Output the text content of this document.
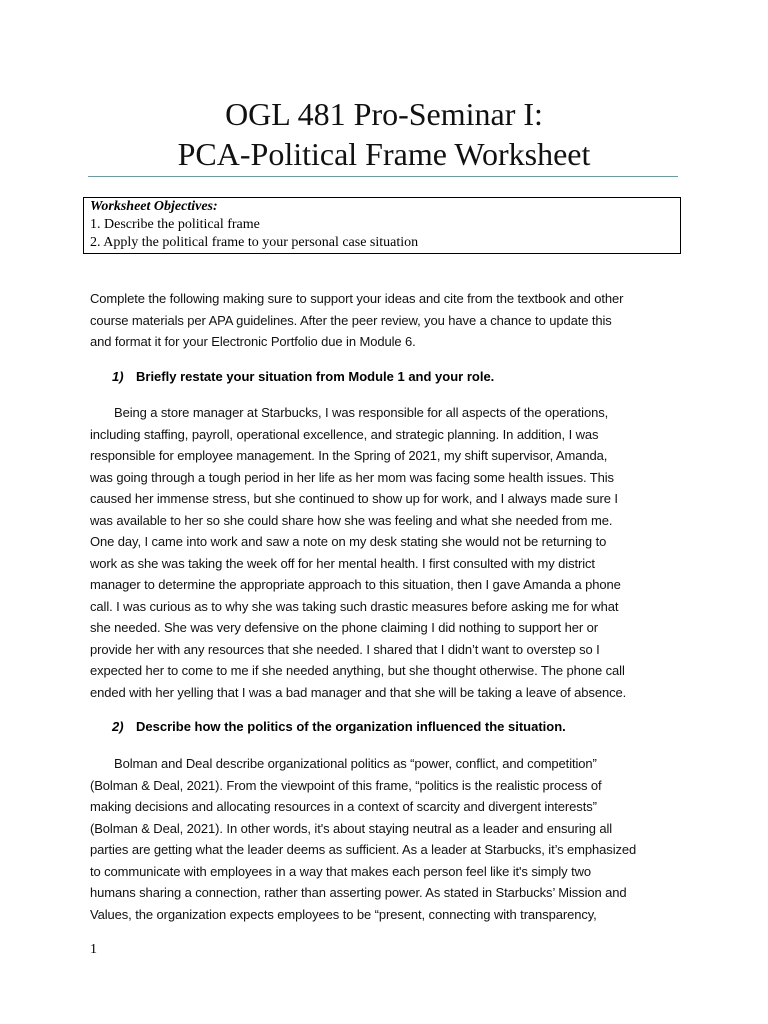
OGL 481 Pro-Seminar I:
PCA-Political Frame Worksheet
Worksheet Objectives:
1. Describe the political frame
2. Apply the political frame to your personal case situation
Complete the following making sure to support your ideas and cite from the textbook and other
course materials per APA guidelines. After the peer review, you have a chance to update this
and format it for your Electronic Portfolio due in Module 6.
1) Briefly restate your situation from Module 1 and your role.
Being a store manager at Starbucks, I was responsible for all aspects of the operations,
including staffing, payroll, operational excellence, and strategic planning. In addition, I was
responsible for employee management. In the Spring of 2021, my shift supervisor, Amanda,
was going through a tough period in her life as her mom was facing some health issues. This
caused her immense stress, but she continued to show up for work, and I always made sure I
was available to her so she could share how she was feeling and what she needed from me.
One day, I came into work and saw a note on my desk stating she would not be returning to
work as she was taking the week off for her mental health. I first consulted with my district
manager to determine the appropriate approach to this situation, then I gave Amanda a phone
call. I was curious as to why she was taking such drastic measures before asking me for what
she needed. She was very defensive on the phone claiming I did nothing to support her or
provide her with any resources that she needed. I shared that I didn’t want to overstep so I
expected her to come to me if she needed anything, but she thought otherwise. The phone call
ended with her yelling that I was a bad manager and that she will be taking a leave of absence.
2) Describe how the politics of the organization influenced the situation.
Bolman and Deal describe organizational politics as “power, conflict, and competition”
(Bolman & Deal, 2021). From the viewpoint of this frame, “politics is the realistic process of
making decisions and allocating resources in a context of scarcity and divergent interests”
(Bolman & Deal, 2021). In other words, it's about staying neutral as a leader and ensuring all
parties are getting what the leader deems as sufficient. As a leader at Starbucks, it’s emphasized
to communicate with employees in a way that makes each person feel like it's simply two
humans sharing a connection, rather than asserting power. As stated in Starbucks’ Mission and
Values, the organization expects employees to be “present, connecting with transparency,
1
